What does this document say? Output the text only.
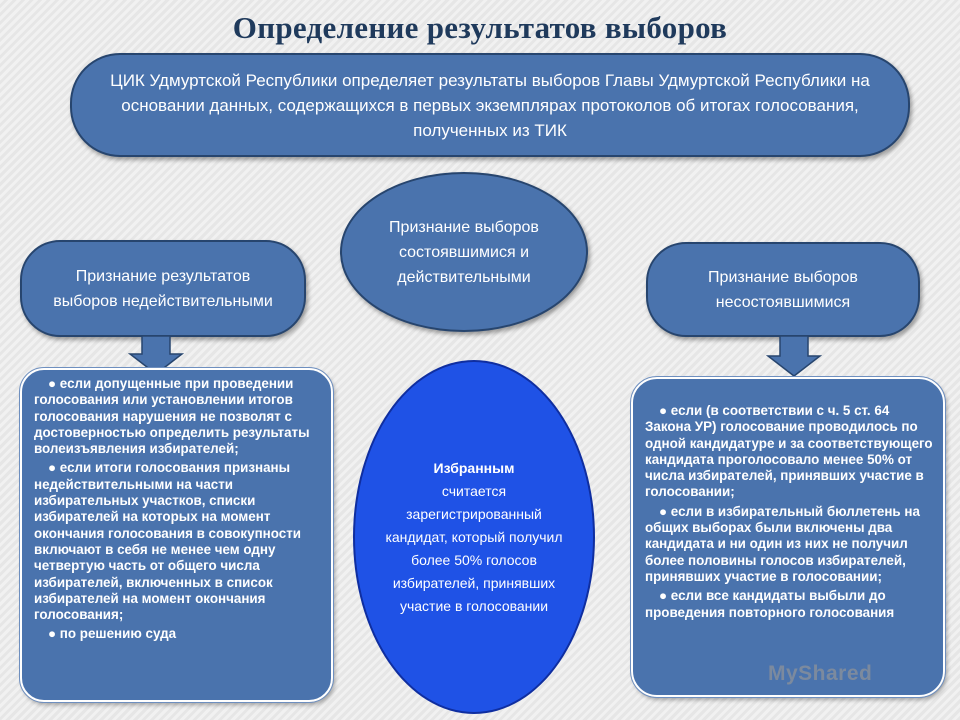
Определение результатов выборов
ЦИК Удмуртской Республики определяет результаты выборов Главы Удмуртской Республики на основании данных, содержащихся в первых экземплярах протоколов об итогах голосования, полученных из ТИК
Признание результатов выборов недействительными
Признание выборов состоявшимися и действительными	Признание выборов несостоявшимися
● если допущенные при проведении голосования или установлении итогов голосования нарушения не позволят с достоверностью определить результаты волеизъявления избирателей;
● если итоги голосования признаны недействительными на части избирательных участков, списки избирателей на которых на момент окончания голосования в совокупности включают в себя не менее чем одну четвертую часть от общего числа избирателей, включенных в список избирателей на момент окончания голосования;
● по решению суда
Избранным
считается зарегистрированный кандидат, который получил более 50% голосов избирателей, принявших участие в голосовании
● если (в соответствии с ч. 5 ст. 64 Закона УР) голосование проводилось по одной кандидатуре и за соответствующего кандидата проголосовало менее 50% от числа избирателей, принявших участие в голосовании;
● если в избирательный бюллетень на общих выборах были включены два кандидата и ни один из них не получил более половины голосов избирателей, принявших участие в голосовании;
● если все кандидаты выбыли до проведения повторного голосования
MyShared
